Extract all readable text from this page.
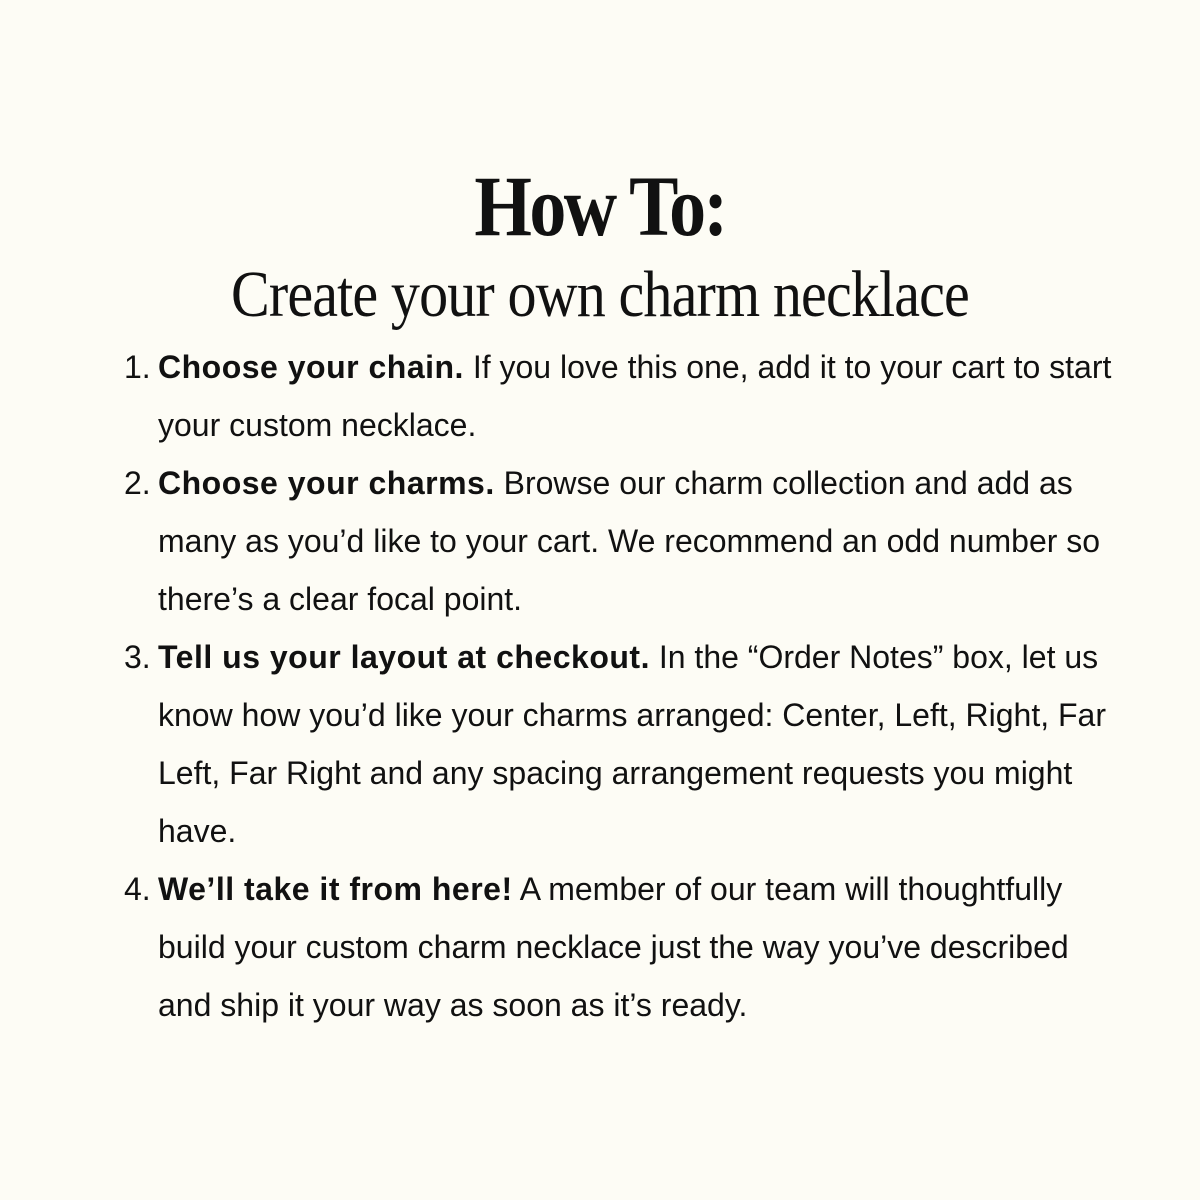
How To:
Create your own charm necklace
1. Choose your chain. If you love this one, add it to your cart to start your custom necklace.
2. Choose your charms. Browse our charm collection and add as many as you’d like to your cart. We recommend an odd number so there’s a clear focal point.
3. Tell us your layout at checkout. In the “Order Notes” box, let us know how you’d like your charms arranged: Center, Left, Right, Far Left, Far Right and any spacing arrangement requests you might have.
4. We’ll take it from here! A member of our team will thoughtfully build your custom charm necklace just the way you’ve described and ship it your way as soon as it’s ready.
